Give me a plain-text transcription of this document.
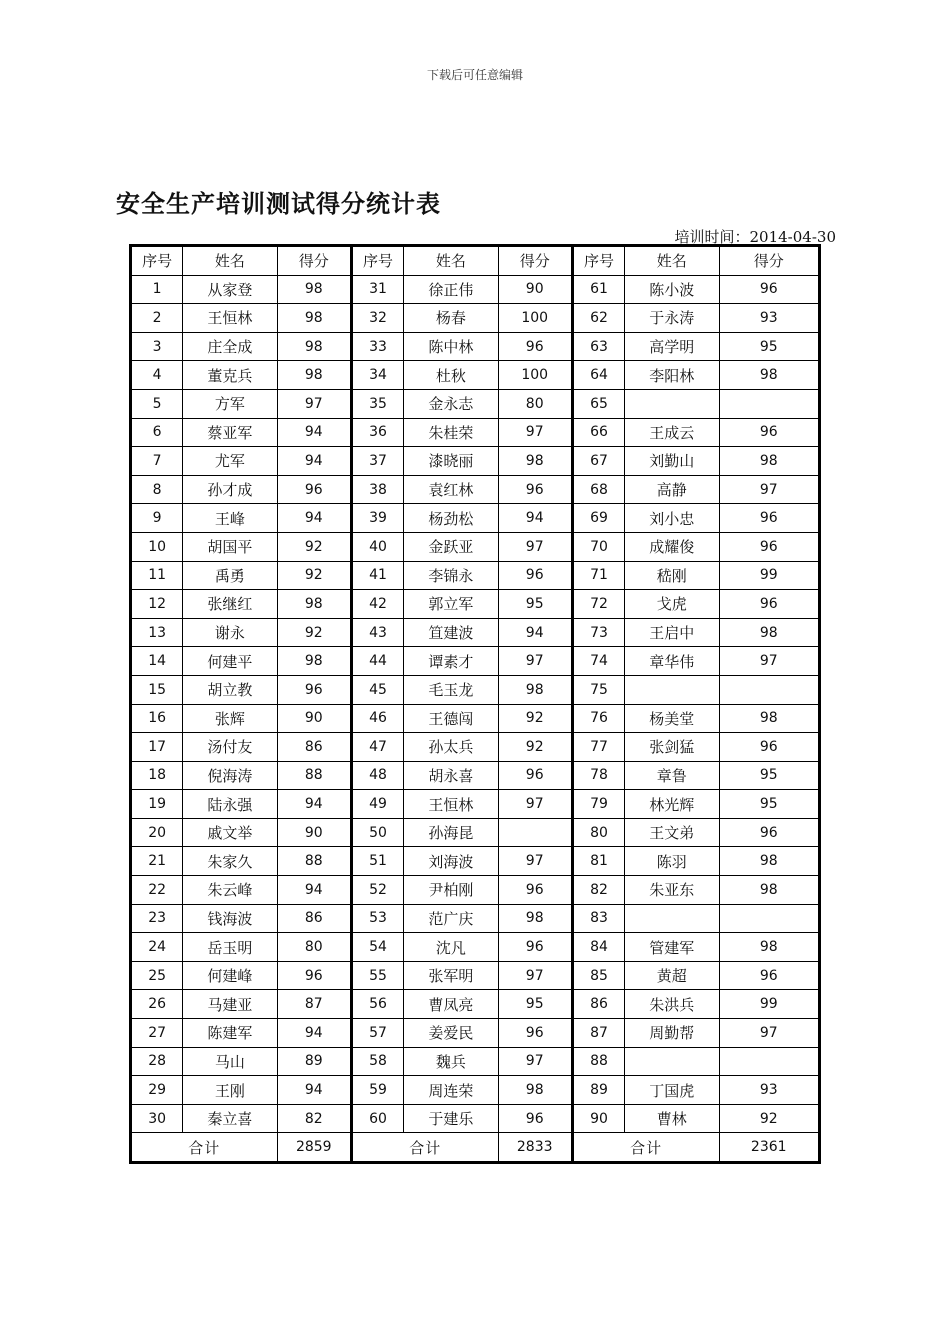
下载后可任意编辑
安全生产培训测试得分统计表
培训时间：2014-04-30
序号	姓名	得分	序号	姓名	得分	序号	姓名	得分
1	从家登	98	31	徐正伟	90	61	陈小波	96
2	王恒林	98	32	杨春	100	62	于永涛	93
3	庄全成	98	33	陈中林	96	63	高学明	95
4	董克兵	98	34	杜秋	100	64	李阳林	98
5	方军	97	35	金永志	80	65		
6	蔡亚军	94	36	朱桂荣	97	66	王成云	96
7	尤军	94	37	漆晓丽	98	67	刘勤山	98
8	孙才成	96	38	袁红林	96	68	高静	97
9	王峰	94	39	杨劲松	94	69	刘小忠	96
10	胡国平	92	40	金跃亚	97	70	成耀俊	96
11	禹勇	92	41	李锦永	96	71	嵇刚	99
12	张继红	98	42	郭立军	95	72	戈虎	96
13	谢永	92	43	笪建波	94	73	王启中	98
14	何建平	98	44	谭素才	97	74	章华伟	97
15	胡立教	96	45	毛玉龙	98	75		
16	张辉	90	46	王德闯	92	76	杨美堂	98
17	汤付友	86	47	孙太兵	92	77	张剑猛	96
18	倪海涛	88	48	胡永喜	96	78	章鲁	95
19	陆永强	94	49	王恒林	97	79	林光辉	95
20	戚文举	90	50	孙海昆		80	王文弟	96
21	朱家久	88	51	刘海波	97	81	陈羽	98
22	朱云峰	94	52	尹柏刚	96	82	朱亚东	98
23	钱海波	86	53	范广庆	98	83		
24	岳玉明	80	54	沈凡	96	84	管建军	98
25	何建峰	96	55	张军明	97	85	黄超	96
26	马建亚	87	56	曹凤亮	95	86	朱洪兵	99
27	陈建军	94	57	姜爱民	96	87	周勤帮	97
28	马山	89	58	魏兵	97	88		
29	王刚	94	59	周连荣	98	89	丁国虎	93
30	秦立喜	82	60	于建乐	96	90	曹林	92
合计		2859	合计		2833	合计		2361
